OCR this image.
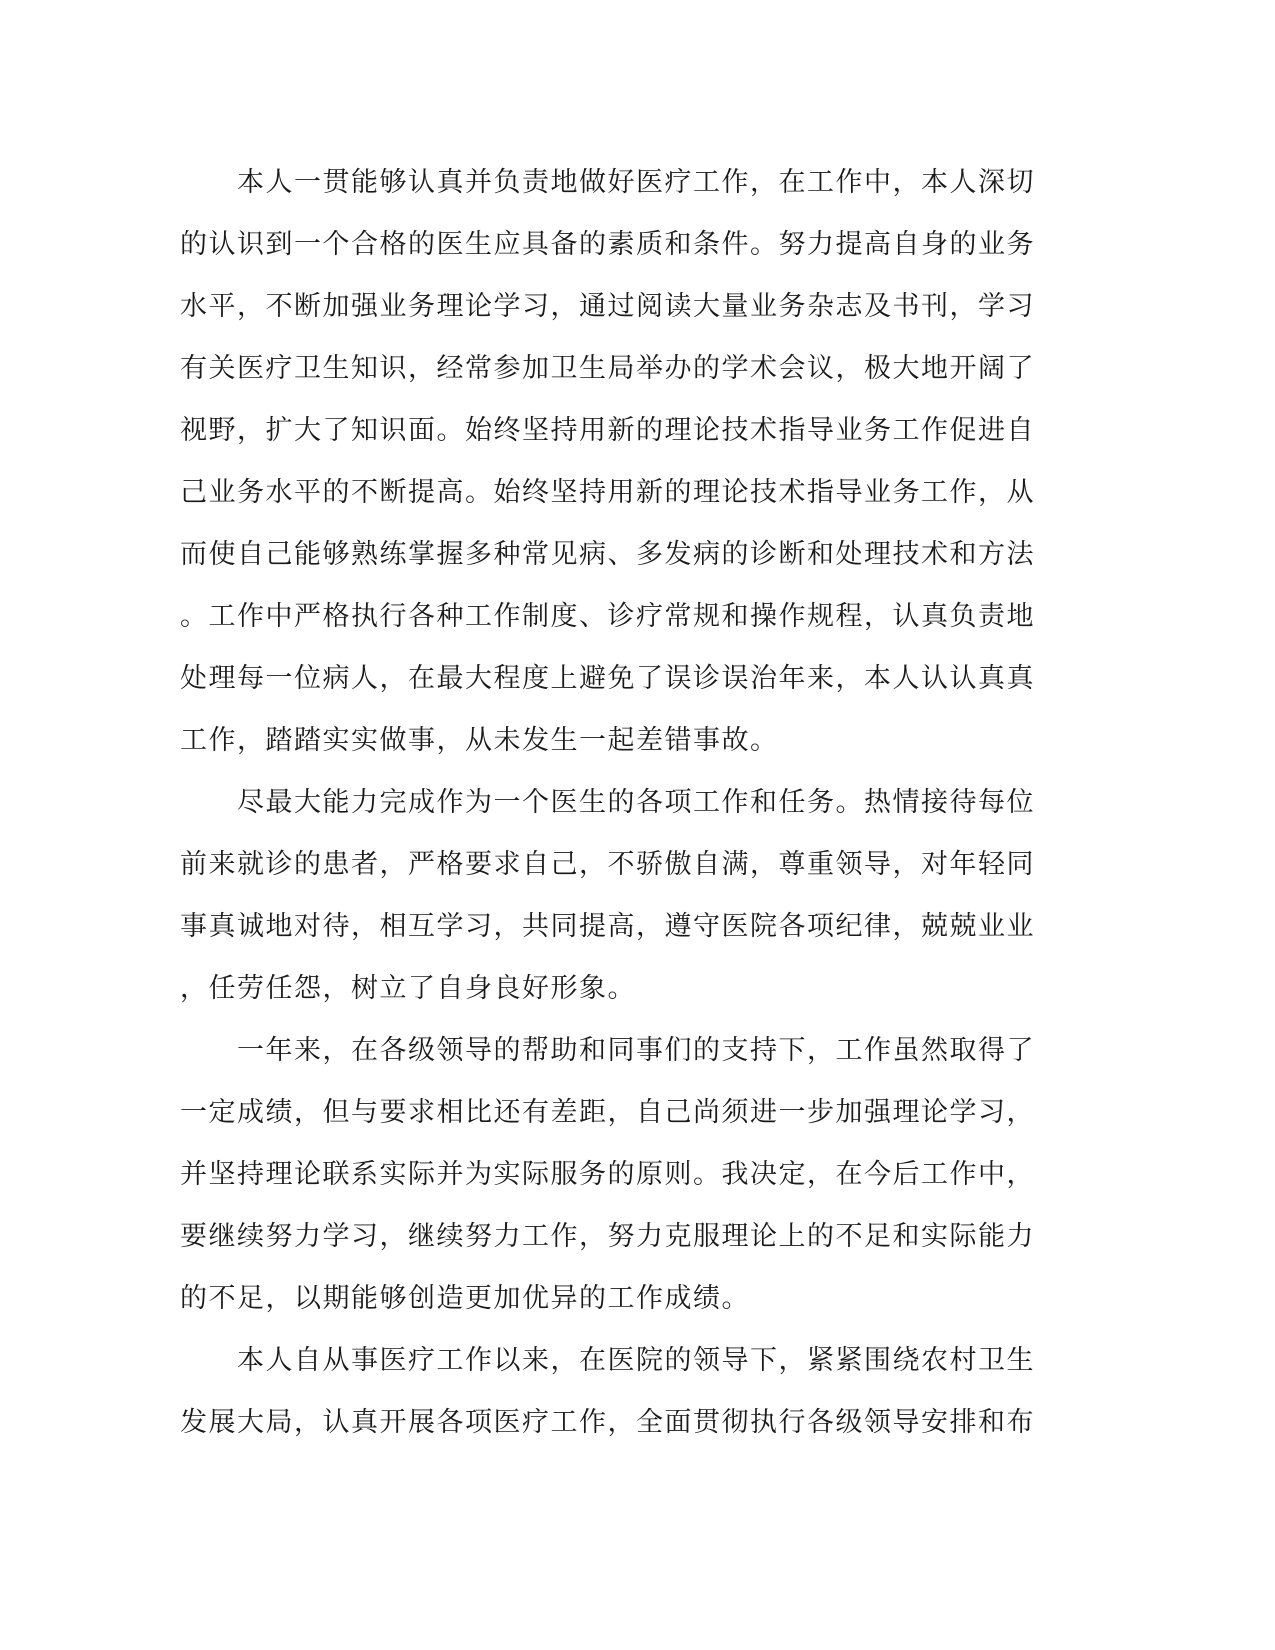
　　本人一贯能够认真并负责地做好医疗工作，在工作中，本人深切
的认识到一个合格的医生应具备的素质和条件。努力提高自身的业务
水平，不断加强业务理论学习，通过阅读大量业务杂志及书刊，学习
有关医疗卫生知识，经常参加卫生局举办的学术会议，极大地开阔了
视野，扩大了知识面。始终坚持用新的理论技术指导业务工作促进自
己业务水平的不断提高。始终坚持用新的理论技术指导业务工作，从
而使自己能够熟练掌握多种常见病、多发病的诊断和处理技术和方法
。工作中严格执行各种工作制度、诊疗常规和操作规程，认真负责地
处理每一位病人，在最大程度上避免了误诊误治年来，本人认认真真
工作，踏踏实实做事，从未发生一起差错事故。
　　尽最大能力完成作为一个医生的各项工作和任务。热情接待每位
前来就诊的患者，严格要求自己，不骄傲自满，尊重领导，对年轻同
事真诚地对待，相互学习，共同提高，遵守医院各项纪律，兢兢业业
，任劳任怨，树立了自身良好形象。
　　一年来，在各级领导的帮助和同事们的支持下，工作虽然取得了
一定成绩，但与要求相比还有差距，自己尚须进一步加强理论学习，
并坚持理论联系实际并为实际服务的原则。我决定，在今后工作中，
要继续努力学习，继续努力工作，努力克服理论上的不足和实际能力
的不足，以期能够创造更加优异的工作成绩。
　　本人自从事医疗工作以来，在医院的领导下，紧紧围绕农村卫生
发展大局，认真开展各项医疗工作，全面贯彻执行各级领导安排和布
